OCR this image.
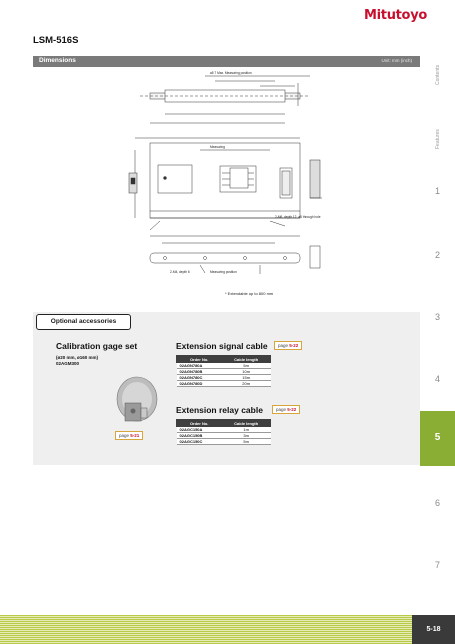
Mitutoyo
LSM-516S
Dimensions	Unit: mm (inch)
a5 7 Max. Measuring position
Measuring
2-M6, depth 12, ø5 through hole
2-M4, depth 6	Measuring position
* Extendable up to 800 mm
Optional accessories
Calibration gage set
(ø20 mm, ø160 mm)
02AGM300
page 5-21
Extension signal cable	page 5-22
Order No.	Cable length
02AGN780A	5m
02AGN780B	10m
02AGN780C	15m
02AGN780D	20m
Extension relay cable	page 5-22
Order No.	Cable length
02AGC150A	1m
02AGC150B	3m
02AGC150C	5m
Contents
Features
1
2
3
4
5
6
7
5-18
